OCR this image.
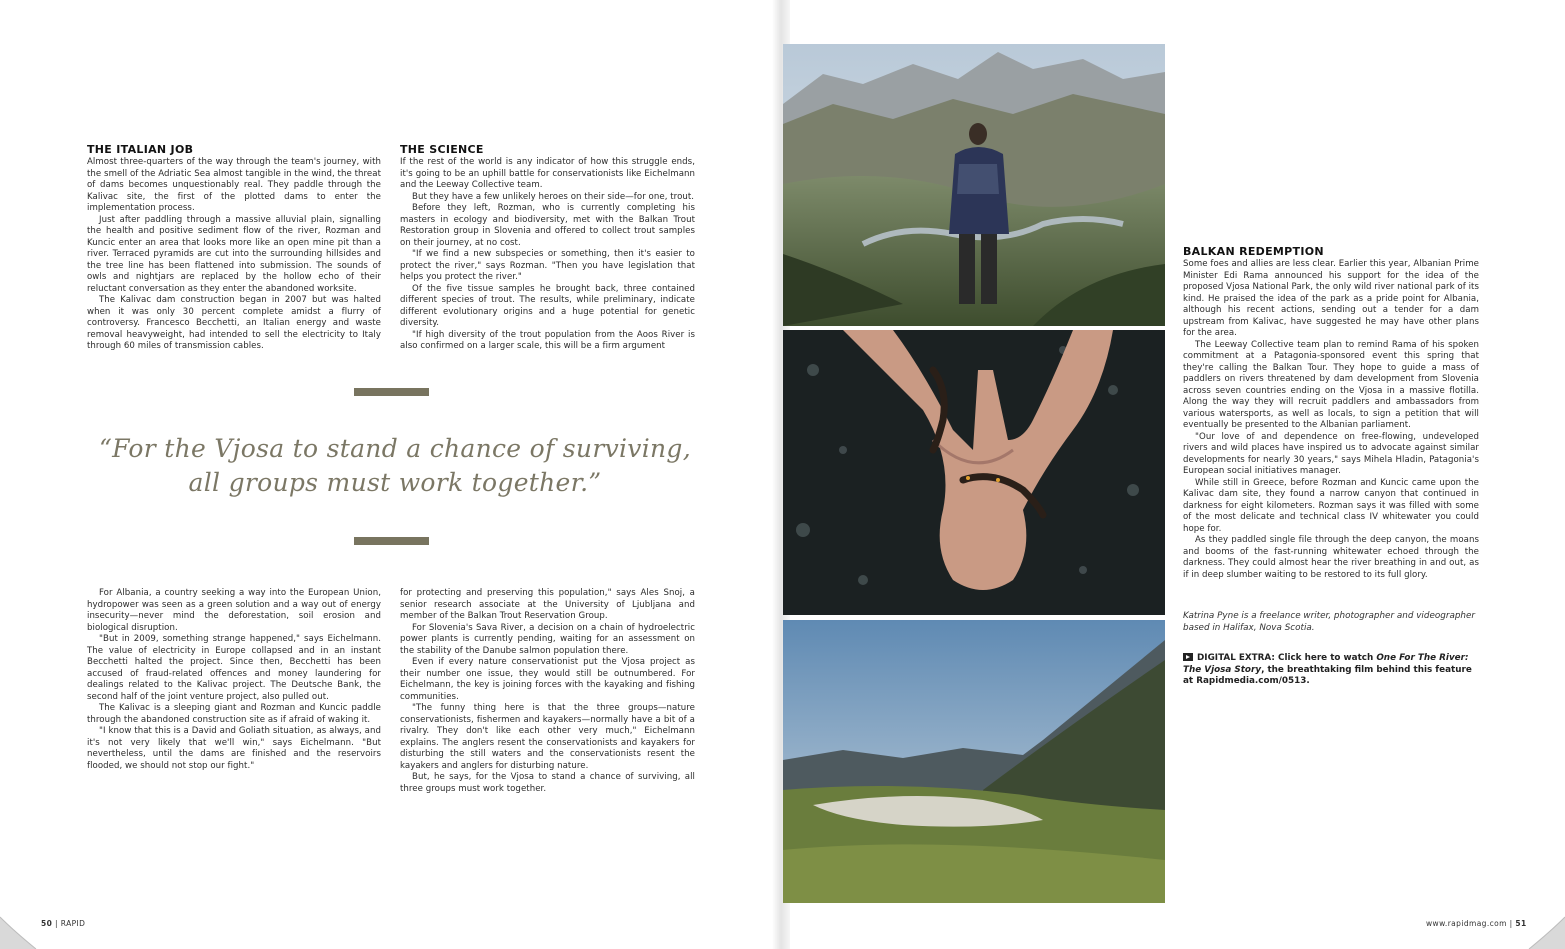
THE ITALIAN JOB

Almost three-quarters of the way through the team's journey, with the smell of the Adriatic Sea almost tangible in the wind, the threat of dams becomes unquestionably real. They paddle through the Kalivac site, the first of the plotted dams to enter the implementation process.

Just after paddling through a massive alluvial plain, signalling the health and positive sediment flow of the river, Rozman and Kuncic enter an area that looks more like an open mine pit than a river. Terraced pyramids are cut into the surrounding hillsides and the tree line has been flattened into submission. The sounds of owls and nightjars are replaced by the hollow echo of their reluctant conversation as they enter the abandoned worksite.

The Kalivac dam construction began in 2007 but was halted when it was only 30 percent complete amidst a flurry of controversy. Francesco Becchetti, an Italian energy and waste removal heavyweight, had intended to sell the electricity to Italy through 60 miles of transmission cables.

THE SCIENCE

If the rest of the world is any indicator of how this struggle ends, it's going to be an uphill battle for conservationists like Eichelmann and the Leeway Collective team.

But they have a few unlikely heroes on their side—for one, trout.

Before they left, Rozman, who is currently completing his masters in ecology and biodiversity, met with the Balkan Trout Restoration group in Slovenia and offered to collect trout samples on their journey, at no cost.

"If we find a new subspecies or something, then it's easier to protect the river," says Rozman. "Then you have legislation that helps you protect the river."

Of the five tissue samples he brought back, three contained different species of trout. The results, while preliminary, indicate different evolutionary origins and a huge potential for genetic diversity.

"If high diversity of the trout population from the Aoos River is also confirmed on a larger scale, this will be a firm argument

“For the Vjosa to stand a chance of surviving,
all groups must work together.”

For Albania, a country seeking a way into the European Union, hydropower was seen as a green solution and a way out of energy insecurity—never mind the deforestation, soil erosion and biological disruption.

"But in 2009, something strange happened," says Eichelmann. The value of electricity in Europe collapsed and in an instant Becchetti halted the project. Since then, Becchetti has been accused of fraud-related offences and money laundering for dealings related to the Kalivac project. The Deutsche Bank, the second half of the joint venture project, also pulled out.

The Kalivac is a sleeping giant and Rozman and Kuncic paddle through the abandoned construction site as if afraid of waking it.

"I know that this is a David and Goliath situation, as always, and it's not very likely that we'll win," says Eichelmann. "But nevertheless, until the dams are finished and the reservoirs flooded, we should not stop our fight."

for protecting and preserving this population," says Ales Snoj, a senior research associate at the University of Ljubljana and member of the Balkan Trout Reservation Group.

For Slovenia's Sava River, a decision on a chain of hydroelectric power plants is currently pending, waiting for an assessment on the stability of the Danube salmon population there.

Even if every nature conservationist put the Vjosa project as their number one issue, they would still be outnumbered. For Eichelmann, the key is joining forces with the kayaking and fishing communities.

"The funny thing here is that the three groups—nature conservationists, fishermen and kayakers—normally have a bit of a rivalry. They don't like each other very much," Eichelmann explains. The anglers resent the conservationists and kayakers for disturbing the still waters and the conservationists resent the kayakers and anglers for disturbing nature.

But, he says, for the Vjosa to stand a chance of surviving, all three groups must work together.

50 | RAPID
BALKAN REDEMPTION

Some foes and allies are less clear. Earlier this year, Albanian Prime Minister Edi Rama announced his support for the idea of the proposed Vjosa National Park, the only wild river national park of its kind. He praised the idea of the park as a pride point for Albania, although his recent actions, sending out a tender for a dam upstream from Kalivac, have suggested he may have other plans for the area.

The Leeway Collective team plan to remind Rama of his spoken commitment at a Patagonia-sponsored event this spring that they're calling the Balkan Tour. They hope to guide a mass of paddlers on rivers threatened by dam development from Slovenia across seven countries ending on the Vjosa in a massive flotilla. Along the way they will recruit paddlers and ambassadors from various watersports, as well as locals, to sign a petition that will eventually be presented to the Albanian parliament.

"Our love of and dependence on free-flowing, undeveloped rivers and wild places have inspired us to advocate against similar developments for nearly 30 years," says Mihela Hladin, Patagonia's European social initiatives manager.

While still in Greece, before Rozman and Kuncic came upon the Kalivac dam site, they found a narrow canyon that continued in darkness for eight kilometers. Rozman says it was filled with some of the most delicate and technical class IV whitewater you could hope for.

As they paddled single file through the deep canyon, the moans and booms of the fast-running whitewater echoed through the darkness. They could almost hear the river breathing in and out, as if in deep slumber waiting to be restored to its full glory.

Katrina Pyne is a freelance writer, photographer and videographer based in Halifax, Nova Scotia.
DIGITAL EXTRA: Click here to watch One For The River: The Vjosa Story, the breathtaking film behind this feature at Rapidmedia.com/0513.
www.rapidmag.com | 51
